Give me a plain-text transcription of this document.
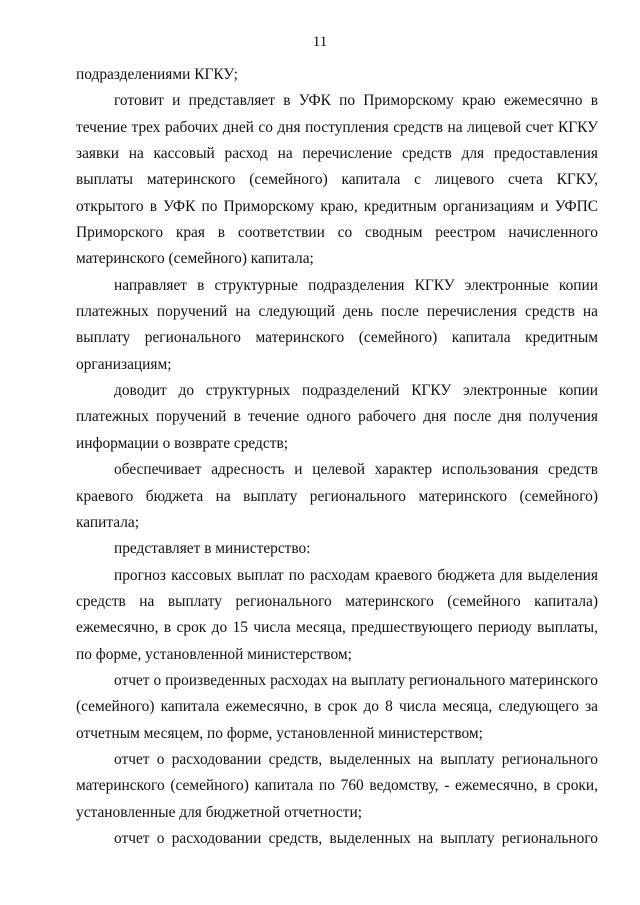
11
подразделениями КГКУ;
готовит и представляет в УФК по Приморскому краю ежемесячно в
течение трех рабочих дней со дня поступления средств на лицевой счет КГКУ
заявки на кассовый расход на перечисление средств для предоставления
выплаты материнского (семейного) капитала с лицевого счета КГКУ,
открытого в УФК по Приморскому краю, кредитным организациям и УФПС
Приморского края в соответствии со сводным реестром начисленного
материнского (семейного) капитала;
направляет в структурные подразделения КГКУ электронные копии
платежных поручений на следующий день после перечисления средств на
выплату регионального материнского (семейного) капитала кредитным
организациям;
доводит до структурных подразделений КГКУ электронные копии
платежных поручений в течение одного рабочего дня после дня получения
информации о возврате средств;
обеспечивает адресность и целевой характер использования средств
краевого бюджета на выплату регионального материнского (семейного)
капитала;
представляет в министерство:
прогноз кассовых выплат по расходам краевого бюджета для выделения
средств на выплату регионального материнского (семейного капитала)
ежемесячно, в срок до 15 числа месяца, предшествующего периоду выплаты,
по форме, установленной министерством;
отчет о произведенных расходах на выплату регионального материнского
(семейного) капитала ежемесячно, в срок до 8 числа месяца, следующего за
отчетным месяцем, по форме, установленной министерством;
отчет о расходовании средств, выделенных на выплату регионального
материнского (семейного) капитала по 760 ведомству, - ежемесячно, в сроки,
установленные для бюджетной отчетности;
отчет о расходовании средств, выделенных на выплату регионального
